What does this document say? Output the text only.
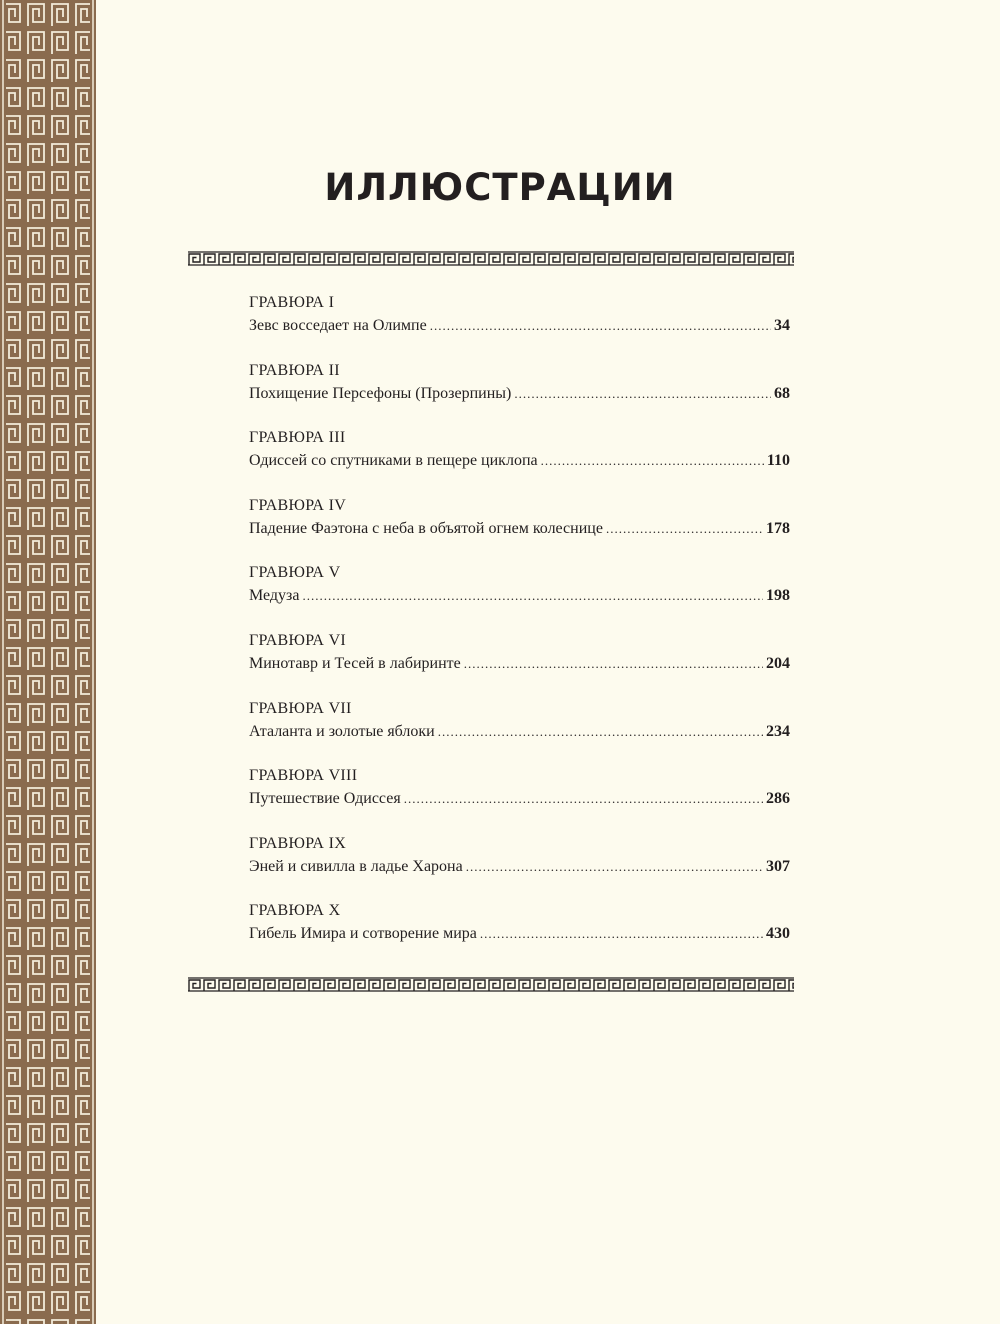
ИЛЛЮСТРАЦИИ
ГРАВЮРА I
Зевс восседает на Олимпе .....	34
ГРАВЮРА II
Похищение Персефоны (Прозерпины) .....	68
ГРАВЮРА III
Одиссей со спутниками в пещере циклопа .....	110
ГРАВЮРА IV
Падение Фаэтона с неба в объятой огнем колеснице .....	178
ГРАВЮРА V
Медуза .....	198
ГРАВЮРА VI
Минотавр и Тесей в лабиринте .....	204
ГРАВЮРА VII
Аталанта и золотые яблоки .....	234
ГРАВЮРА VIII
Путешествие Одиссея .....	286
ГРАВЮРА IX
Эней и сивилла в ладье Харона .....	307
ГРАВЮРА X
Гибель Имира и сотворение мира .....	430
